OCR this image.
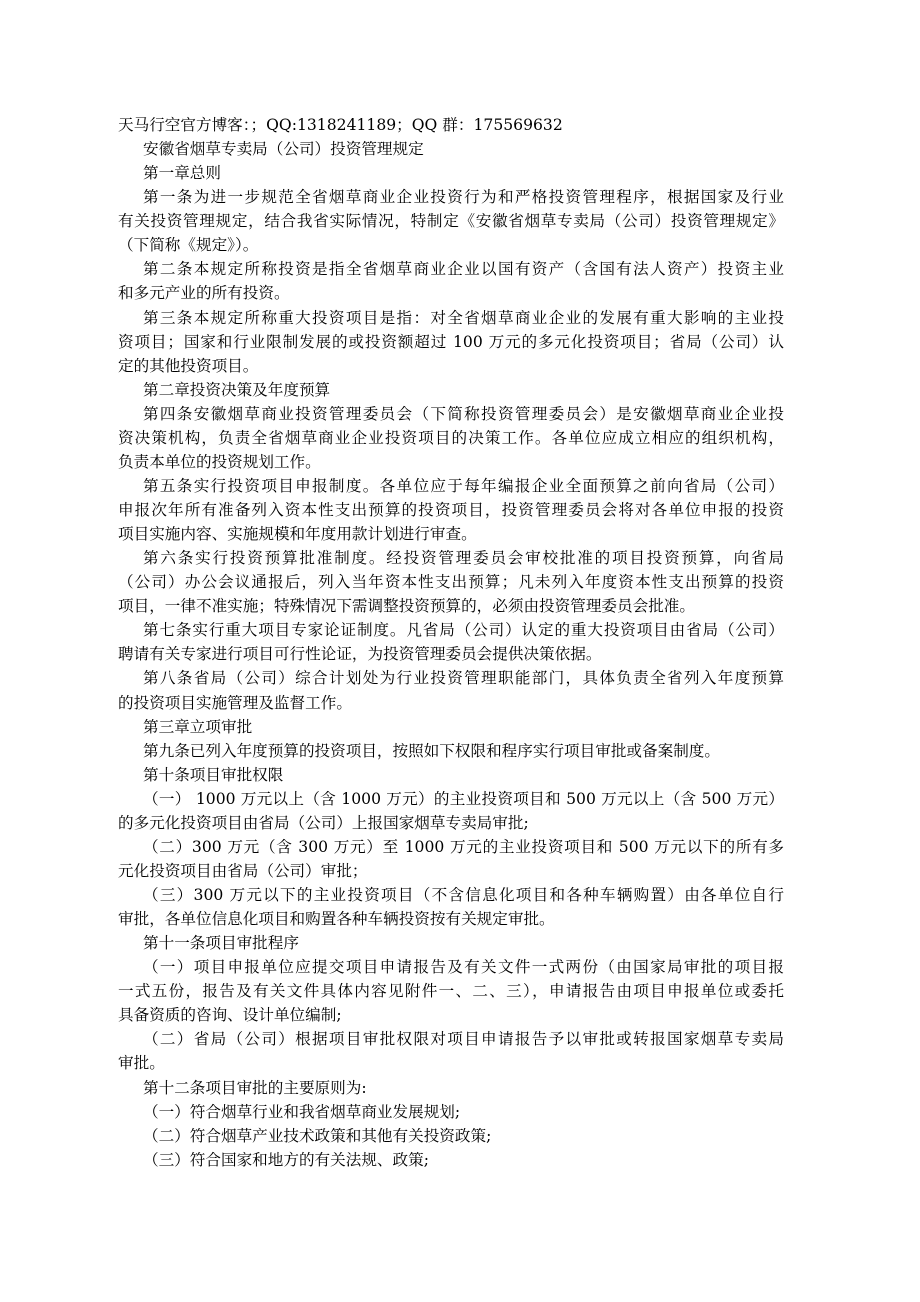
天马行空官方博客：；QQ:1318241189；QQ 群：175569632
安徽省烟草专卖局（公司）投资管理规定
第一章总则
第一条为进一步规范全省烟草商业企业投资行为和严格投资管理程序，根据国家及行业
有关投资管理规定，结合我省实际情况，特制定《安徽省烟草专卖局（公司）投资管理规定》
（下简称《规定》）。
第二条本规定所称投资是指全省烟草商业企业以国有资产（含国有法人资产）投资主业
和多元产业的所有投资。
第三条本规定所称重大投资项目是指：对全省烟草商业企业的发展有重大影响的主业投
资项目；国家和行业限制发展的或投资额超过 100 万元的多元化投资项目；省局（公司）认
定的其他投资项目。
第二章投资决策及年度预算
第四条安徽烟草商业投资管理委员会（下简称投资管理委员会）是安徽烟草商业企业投
资决策机构，负责全省烟草商业企业投资项目的决策工作。各单位应成立相应的组织机构，
负责本单位的投资规划工作。
第五条实行投资项目申报制度。各单位应于每年编报企业全面预算之前向省局（公司）
申报次年所有准备列入资本性支出预算的投资项目，投资管理委员会将对各单位申报的投资
项目实施内容、实施规模和年度用款计划进行审查。
第六条实行投资预算批准制度。经投资管理委员会审校批准的项目投资预算，向省局
（公司）办公会议通报后，列入当年资本性支出预算；凡未列入年度资本性支出预算的投资
项目，一律不准实施；特殊情况下需调整投资预算的，必须由投资管理委员会批准。
第七条实行重大项目专家论证制度。凡省局（公司）认定的重大投资项目由省局（公司）
聘请有关专家进行项目可行性论证，为投资管理委员会提供决策依据。
第八条省局（公司）综合计划处为行业投资管理职能部门，具体负责全省列入年度预算
的投资项目实施管理及监督工作。
第三章立项审批
第九条已列入年度预算的投资项目，按照如下权限和程序实行项目审批或备案制度。
第十条项目审批权限
（一） 1000 万元以上（含 1000 万元）的主业投资项目和 500 万元以上（含 500 万元）
的多元化投资项目由省局（公司）上报国家烟草专卖局审批;
（二）300 万元（含 300 万元）至 1000 万元的主业投资项目和 500 万元以下的所有多
元化投资项目由省局（公司）审批；
（三）300 万元以下的主业投资项目（不含信息化项目和各种车辆购置）由各单位自行
审批，各单位信息化项目和购置各种车辆投资按有关规定审批。
第十一条项目审批程序
（一）项目申报单位应提交项目申请报告及有关文件一式两份（由国家局审批的项目报
一式五份，报告及有关文件具体内容见附件一、二、三），申请报告由项目申报单位或委托
具备资质的咨询、设计单位编制;
（二）省局（公司）根据项目审批权限对项目申请报告予以审批或转报国家烟草专卖局
审批。
第十二条项目审批的主要原则为:
（一）符合烟草行业和我省烟草商业发展规划;
（二）符合烟草产业技术政策和其他有关投资政策;
（三）符合国家和地方的有关法规、政策;
